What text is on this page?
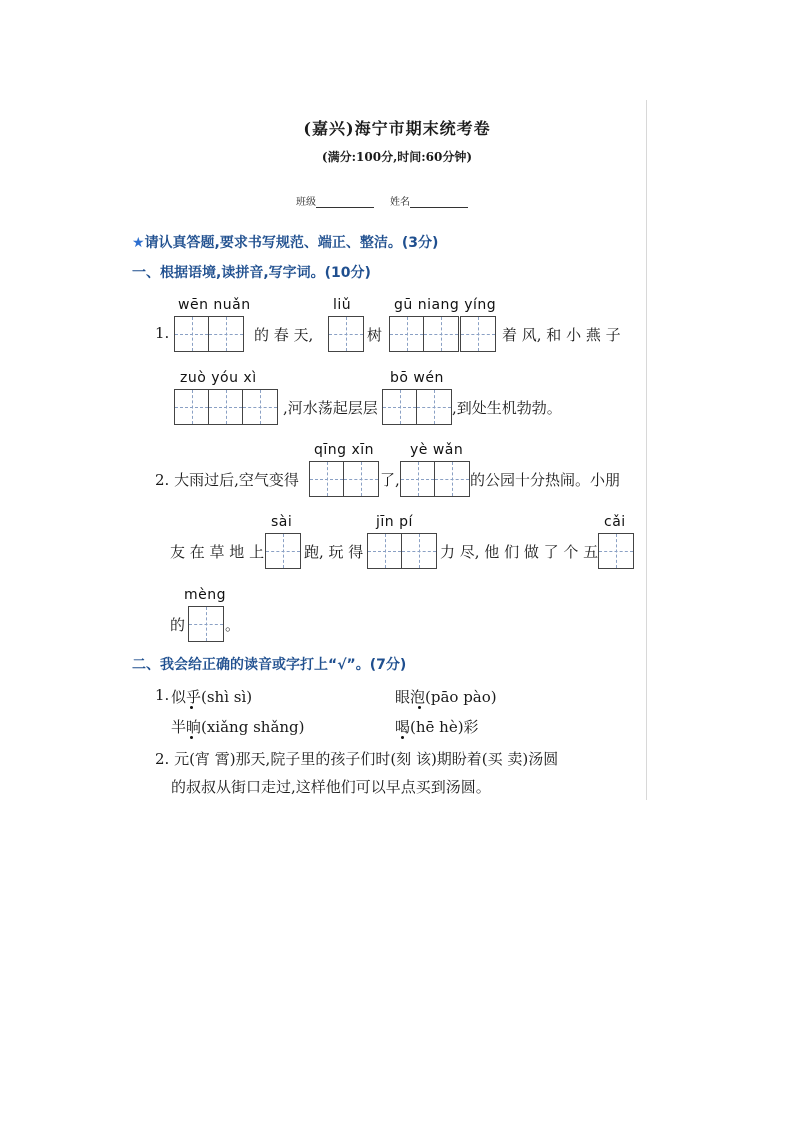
(嘉兴)海宁市期末统考卷
(满分:100分,时间:60分钟)
班级	姓名
★请认真答题,要求书写规范、端正、整洁。(3分)
一、根据语境,读拼音,写字词。(10分)
wēn nuǎn	liǔ	gū niang yíng
1.	的 春 天,	树	着 风, 和 小 燕 子
zuò yóu xì	bō wén
,河水荡起层层	,到处生机勃勃。
qīng xīn	yè wǎn
2. 大雨过后,空气变得	了,	的公园十分热闹。小朋
sài	jīn pí	cǎi
友 在 草 地 上	跑, 玩 得	力 尽, 他 们 做 了 个 五
mèng
的	。
二、我会给正确的读音或字打上“√”。(7分)
1. 似乎(shì sì)	眼泡(pāo pào)
半晌(xiǎng shǎng)	喝(hē hè)彩
2. 元(宵 霄)那天,院子里的孩子们时(刻 该)期盼着(买 卖)汤圆
的叔叔从街口走过,这样他们可以早点买到汤圆。
